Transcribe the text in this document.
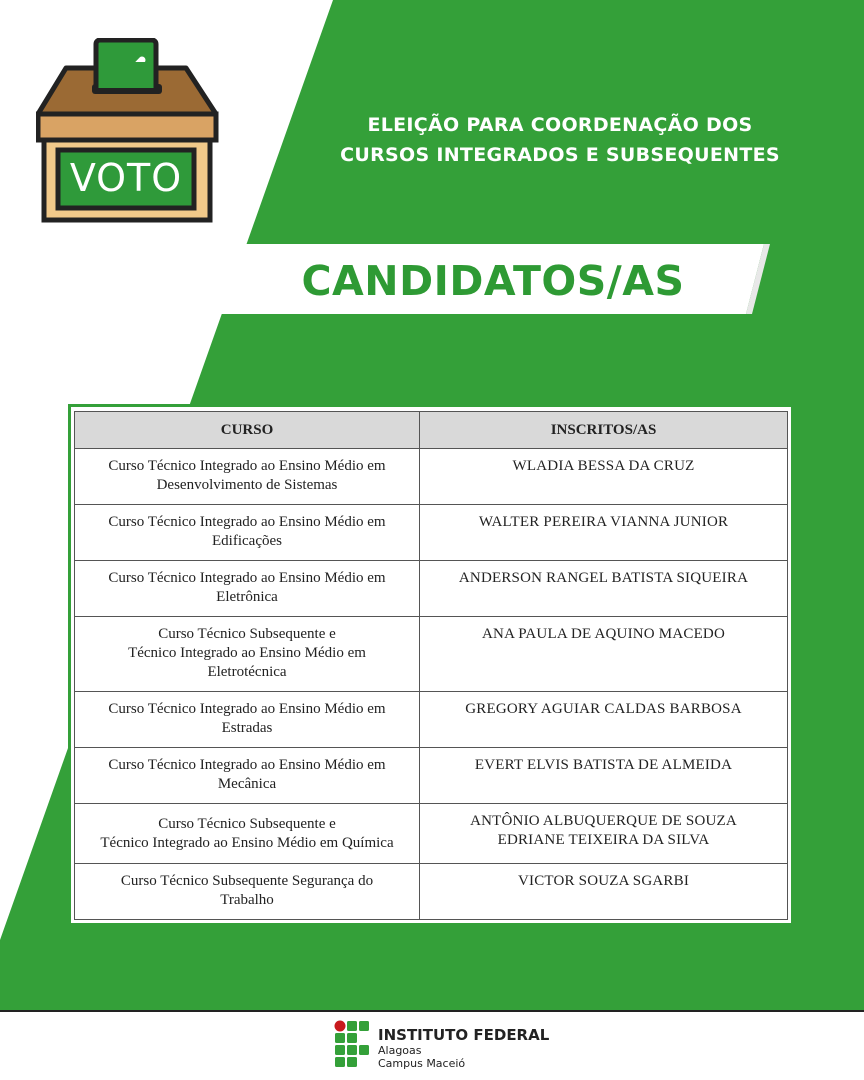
VOTO
ELEIÇÃO PARA COORDENAÇÃO DOS
CURSOS INTEGRADOS E SUBSEQUENTES
CANDIDATOS/AS
CURSO	INSCRITOS/AS
Curso Técnico Integrado ao Ensino Médio em
Desenvolvimento de Sistemas	WLADIA BESSA DA CRUZ
Curso Técnico Integrado ao Ensino Médio em
Edificações	WALTER PEREIRA VIANNA JUNIOR
Curso Técnico Integrado ao Ensino Médio em
Eletrônica	ANDERSON RANGEL BATISTA SIQUEIRA
Curso Técnico Subsequente e
Técnico Integrado ao Ensino Médio em
Eletrotécnica	ANA PAULA DE AQUINO MACEDO
Curso Técnico Integrado ao Ensino Médio em
Estradas	GREGORY AGUIAR CALDAS BARBOSA
Curso Técnico Integrado ao Ensino Médio em
Mecânica	EVERT ELVIS BATISTA DE ALMEIDA
Curso Técnico Subsequente e
Técnico Integrado ao Ensino Médio em Química	ANTÔNIO ALBUQUERQUE DE SOUZA
EDRIANE TEIXEIRA DA SILVA
Curso Técnico Subsequente Segurança do
Trabalho	VICTOR SOUZA SGARBI
INSTITUTO FEDERAL
Alagoas
Campus Maceió
